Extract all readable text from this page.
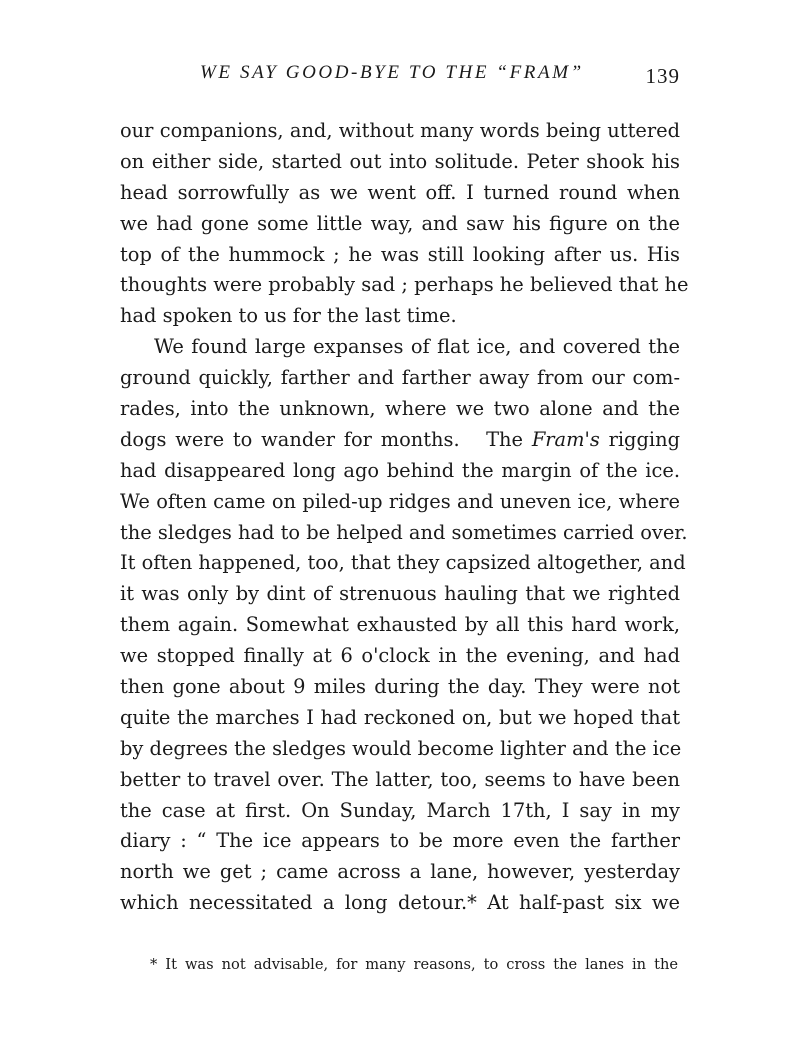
WE SAY GOOD-BYE TO THE “FRAM”	139
our companions, and, without many words being uttered
on either side, started out into solitude. Peter shook his
head sorrowfully as we went off. I turned round when
we had gone some little way, and saw his figure on the
top of the hummock ; he was still looking after us. His
thoughts were probably sad ; perhaps he believed that he
had spoken to us for the last time.
We found large expanses of flat ice, and covered the
ground quickly, farther and farther away from our com-
rades, into the unknown, where we two alone and the
dogs were to wander for months. The Fram's rigging
had disappeared long ago behind the margin of the ice.
We often came on piled-up ridges and uneven ice, where
the sledges had to be helped and sometimes carried over.
It often happened, too, that they capsized altogether, and
it was only by dint of strenuous hauling that we righted
them again. Somewhat exhausted by all this hard work,
we stopped finally at 6 o'clock in the evening, and had
then gone about 9 miles during the day. They were not
quite the marches I had reckoned on, but we hoped that
by degrees the sledges would become lighter and the ice
better to travel over. The latter, too, seems to have been
the case at first. On Sunday, March 17th, I say in my
diary : “ The ice appears to be more even the farther
north we get ; came across a lane, however, yesterday
which necessitated a long detour.* At half-past six we
* It was not advisable, for many reasons, to cross the lanes in the
